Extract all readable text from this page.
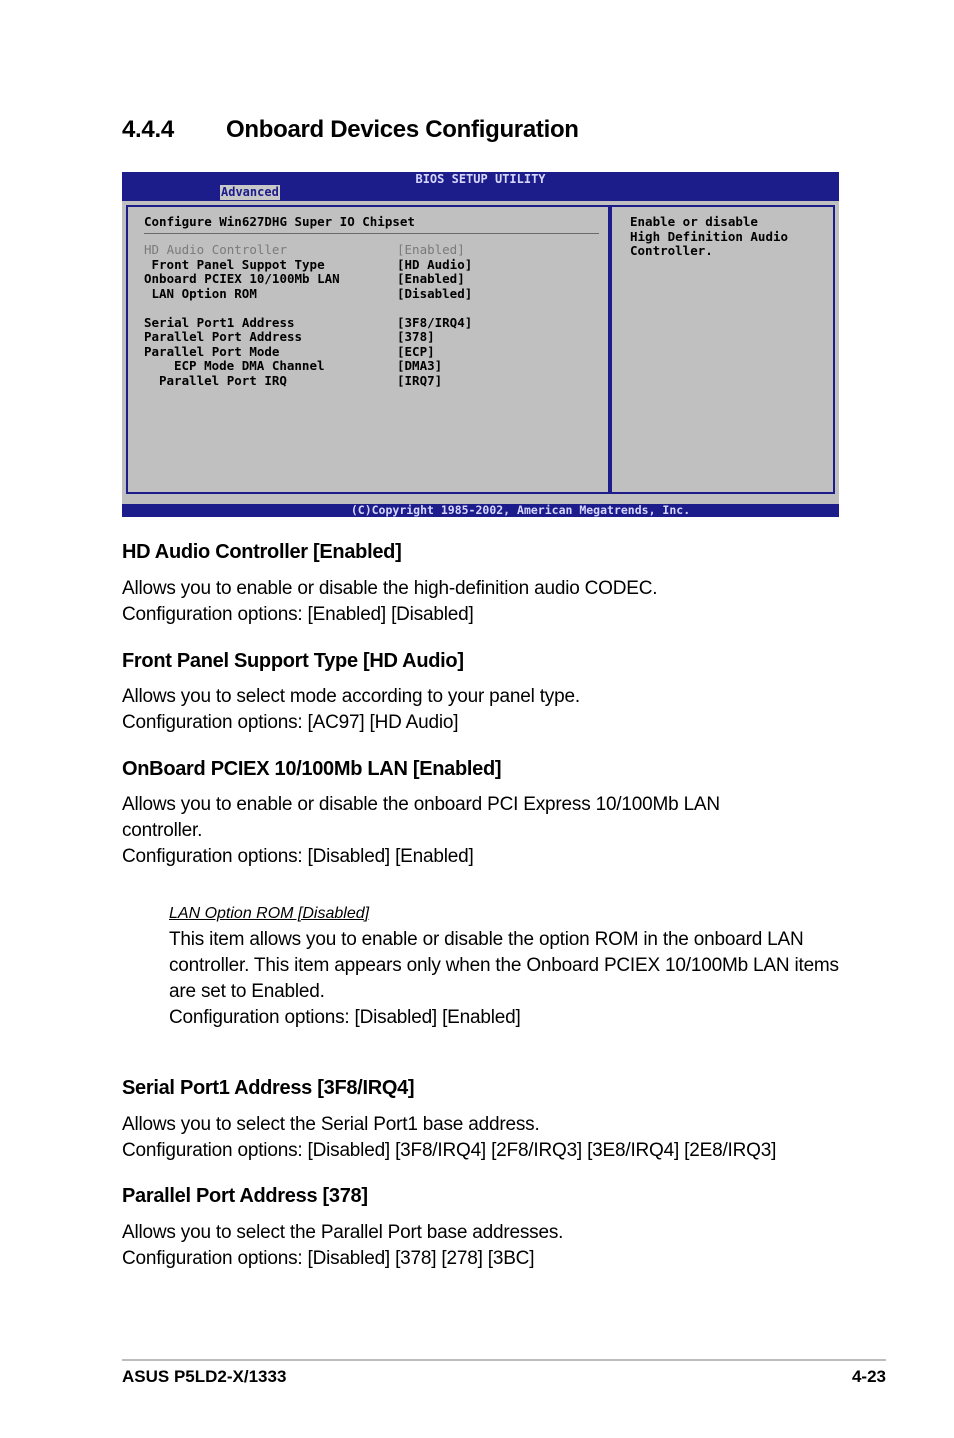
4.4.4 Onboard Devices Configuration
BIOS SETUP UTILITY
Advanced
Configure Win627DHG Super IO Chipset
HD Audio Controller	[Enabled]
Front Panel Suppot Type	[HD Audio]
Onboard PCIEX 10/100Mb LAN	[Enabled]
LAN Option ROM	[Disabled]
Serial Port1 Address	[3F8/IRQ4]
Parallel Port Address	[378]
Parallel Port Mode	[ECP]
ECP Mode DMA Channel	[DMA3]
Parallel Port IRQ	[IRQ7]
Enable or disable
High Definition Audio
Controller.
(C)Copyright 1985-2002, American Megatrends, Inc.
HD Audio Controller [Enabled]

Allows you to enable or disable the high-definition audio CODEC.

Configuration options: [Enabled] [Disabled]

Front Panel Support Type [HD Audio]

Allows you to select mode according to your panel type.

Configuration options: [AC97] [HD Audio]

OnBoard PCIEX 10/100Mb LAN [Enabled]

Allows you to enable or disable the onboard PCI Express 10/100Mb LAN controller.

Configuration options: [Disabled] [Enabled]

LAN Option ROM [Disabled]

This item allows you to enable or disable the option ROM in the onboard LAN controller. This item appears only when the Onboard PCIEX 10/100Mb LAN items are set to Enabled.

Configuration options: [Disabled] [Enabled]

Serial Port1 Address [3F8/IRQ4]

Allows you to select the Serial Port1 base address.

Configuration options: [Disabled] [3F8/IRQ4] [2F8/IRQ3] [3E8/IRQ4] [2E8/IRQ3]

Parallel Port Address [378]

Allows you to select the Parallel Port base addresses.

Configuration options: [Disabled] [378] [278] [3BC]

ASUS P5LD2-X/1333	4-23
